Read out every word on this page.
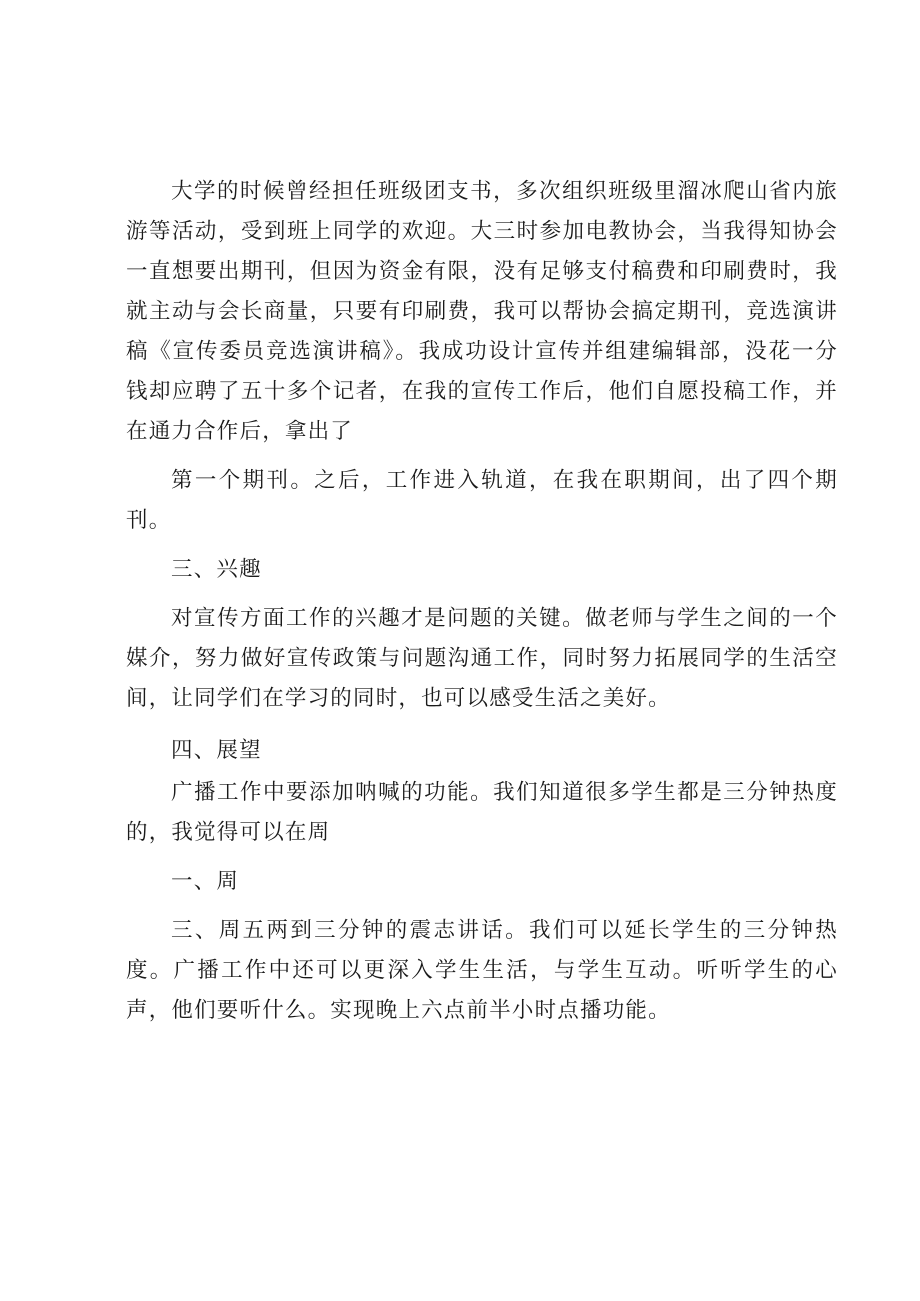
大学的时候曾经担任班级团支书，多次组织班级里溜冰爬山省内旅游等活动，受到班上同学的欢迎。大三时参加电教协会，当我得知协会一直想要出期刊，但因为资金有限，没有足够支付稿费和印刷费时，我就主动与会长商量，只要有印刷费，我可以帮协会搞定期刊，竞选演讲稿《宣传委员竞选演讲稿》。我成功设计宣传并组建编辑部，没花一分钱却应聘了五十多个记者，在我的宣传工作后，他们自愿投稿工作，并在通力合作后，拿出了

第一个期刊。之后，工作进入轨道，在我在职期间，出了四个期刊。

三、兴趣

对宣传方面工作的兴趣才是问题的关键。做老师与学生之间的一个媒介，努力做好宣传政策与问题沟通工作，同时努力拓展同学的生活空间，让同学们在学习的同时，也可以感受生活之美好。

四、展望

广播工作中要添加呐喊的功能。我们知道很多学生都是三分钟热度的，我觉得可以在周

一、周

三、周五两到三分钟的震志讲话。我们可以延长学生的三分钟热度。广播工作中还可以更深入学生生活，与学生互动。听听学生的心声，他们要听什么。实现晚上六点前半小时点播功能。
